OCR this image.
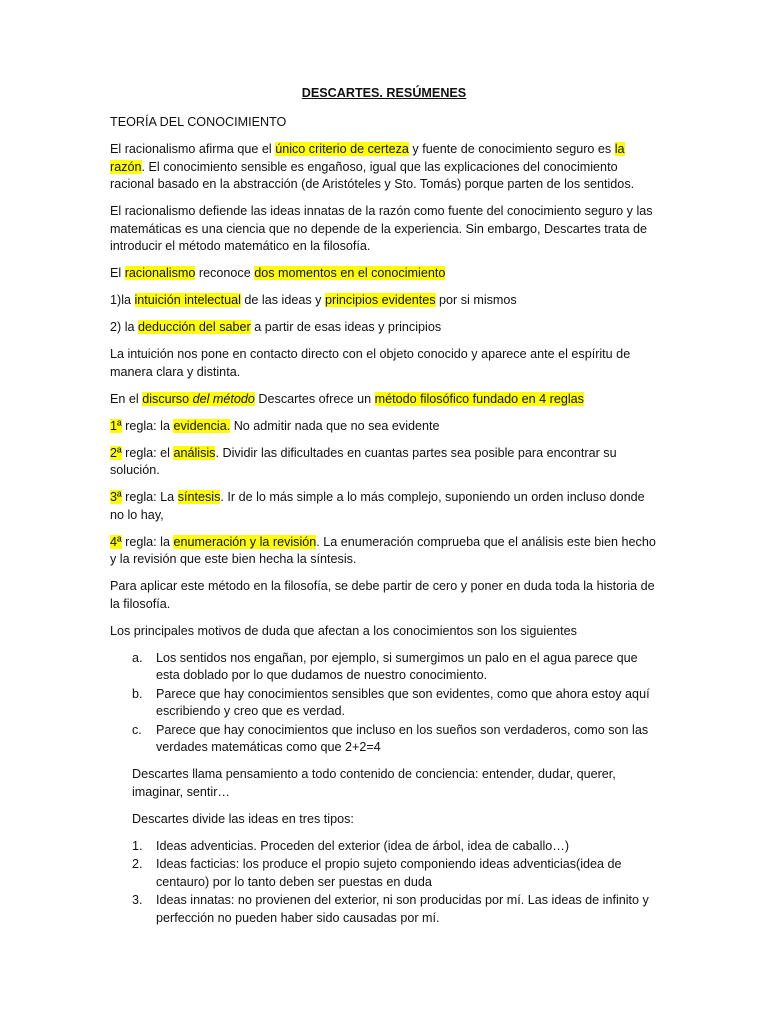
DESCARTES. RESÚMENES

TEORÍA DEL CONOCIMIENTO

El racionalismo afirma que el único criterio de certeza y fuente de conocimiento seguro es la razón. El conocimiento sensible es engañoso, igual que las explicaciones del conocimiento racional basado en la abstracción (de Aristóteles y Sto. Tomás) porque parten de los sentidos.

El racionalismo defiende las ideas innatas de la razón como fuente del conocimiento seguro y las matemáticas es una ciencia que no depende de la experiencia. Sin embargo, Descartes trata de introducir el método matemático en la filosofía.

El racionalismo reconoce dos momentos en el conocimiento

1)la intuición intelectual de las ideas y principios evidentes por si mismos

2) la deducción del saber a partir de esas ideas y principios

La intuición nos pone en contacto directo con el objeto conocido y aparece ante el espíritu de manera clara y distinta.

En el discurso del método Descartes ofrece un método filosófico fundado en 4 reglas

1ª regla: la evidencia. No admitir nada que no sea evidente

2ª regla: el análisis. Dividir las dificultades en cuantas partes sea posible para encontrar su solución.

3ª regla: La síntesis. Ir de lo más simple a lo más complejo, suponiendo un orden incluso donde no lo hay,

4ª regla: la enumeración y la revisión. La enumeración comprueba que el análisis este bien hecho y la revisión que este bien hecha la síntesis.

Para aplicar este método en la filosofía, se debe partir de cero y poner en duda toda la historia de la filosofía.

Los principales motivos de duda que afectan a los conocimientos son los siguientes

a. Los sentidos nos engañan, por ejemplo, si sumergimos un palo en el agua parece que esta doblado por lo que dudamos de nuestro conocimiento.
b. Parece que hay conocimientos sensibles que son evidentes, como que ahora estoy aquí escribiendo y creo que es verdad.
c. Parece que hay conocimientos que incluso en los sueños son verdaderos, como son las verdades matemáticas como que 2+2=4

Descartes llama pensamiento a todo contenido de conciencia: entender, dudar, querer, imaginar, sentir…

Descartes divide las ideas en tres tipos:

1. Ideas adventicias. Proceden del exterior (idea de árbol, idea de caballo…)
2. Ideas facticias: los produce el propio sujeto componiendo ideas adventicias(idea de centauro) por lo tanto deben ser puestas en duda
3. Ideas innatas: no provienen del exterior, ni son producidas por mí. Las ideas de infinito y perfección no pueden haber sido causadas por mí.
